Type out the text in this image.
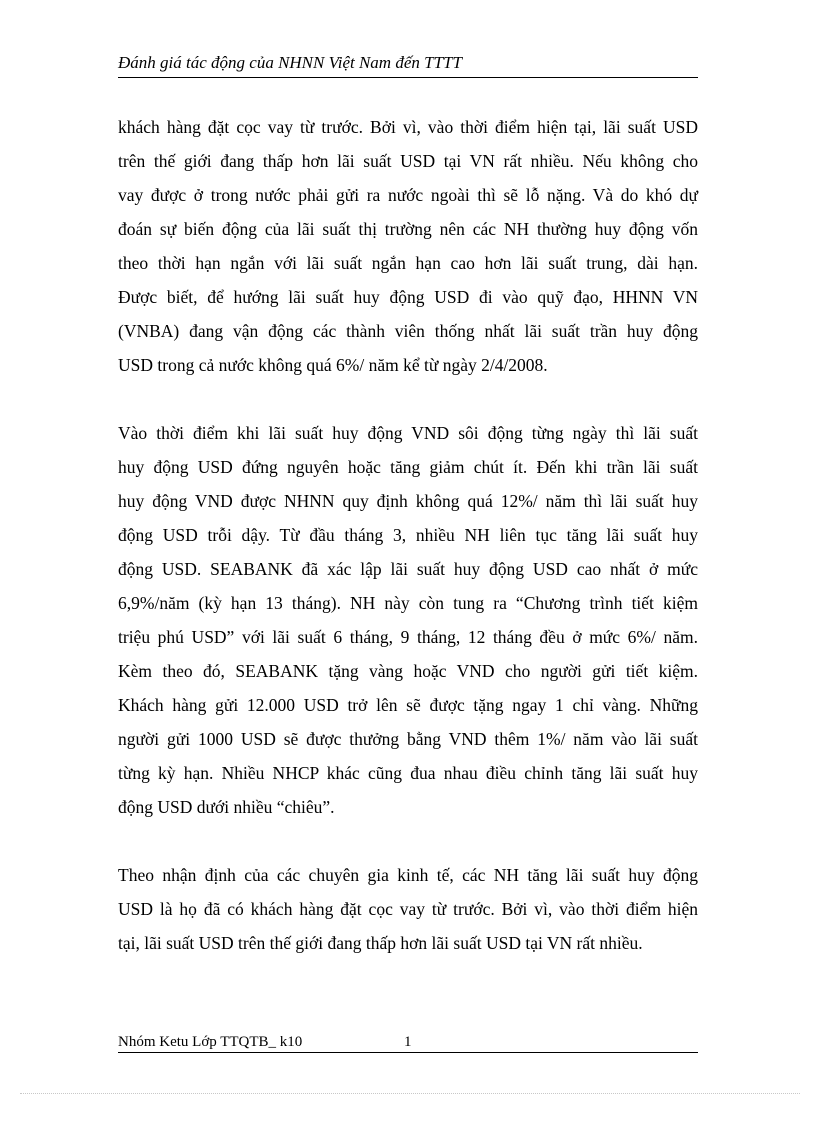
Đánh giá tác động của NHNN Việt Nam đến TTTT
khách hàng đặt cọc vay từ trước. Bởi vì, vào thời điểm hiện tại, lãi suất USD
trên thế giới đang thấp hơn lãi suất USD tại VN rất nhiều. Nếu không cho
vay được ở trong nước phải gửi ra nước ngoài thì sẽ lỗ nặng. Và do khó dự
đoán sự biến động của lãi suất thị trường nên các NH thường huy động vốn
theo thời hạn ngắn với lãi suất ngắn hạn cao hơn lãi suất trung, dài hạn.
Được biết, để hướng lãi suất huy động USD đi vào quỹ đạo, HHNN VN
(VNBA) đang vận động các thành viên thống nhất lãi suất trần huy động
USD trong cả nước không quá 6%/ năm kể từ ngày 2/4/2008.
Vào thời điểm khi lãi suất huy động VND sôi động từng ngày thì lãi suất
huy động USD đứng nguyên hoặc tăng giảm chút ít. Đến khi trần lãi suất
huy động VND được NHNN quy định không quá 12%/ năm thì lãi suất huy
động USD trỗi dậy. Từ đầu tháng 3, nhiều NH liên tục tăng lãi suất huy
động USD. SEABANK đã xác lập lãi suất huy động USD cao nhất ở mức
6,9%/năm (kỳ hạn 13 tháng). NH này còn tung ra “Chương trình tiết kiệm
triệu phú USD” với lãi suất 6 tháng, 9 tháng, 12 tháng đều ở mức 6%/ năm.
Kèm theo đó, SEABANK tặng vàng hoặc VND cho người gửi tiết kiệm.
Khách hàng gửi 12.000 USD trở lên sẽ được tặng ngay 1 chỉ vàng. Những
người gửi 1000 USD sẽ được thưởng bằng VND thêm 1%/ năm vào lãi suất
từng kỳ hạn. Nhiều NHCP khác cũng đua nhau điều chỉnh tăng lãi suất huy
động USD dưới nhiều “chiêu”.
Theo nhận định của các chuyên gia kinh tế, các NH tăng lãi suất huy động
USD là họ đã có khách hàng đặt cọc vay từ trước. Bởi vì, vào thời điểm hiện
tại, lãi suất USD trên thế giới đang thấp hơn lãi suất USD tại VN rất nhiều.
Nhóm Ketu Lớp TTQTB_ k10	1
